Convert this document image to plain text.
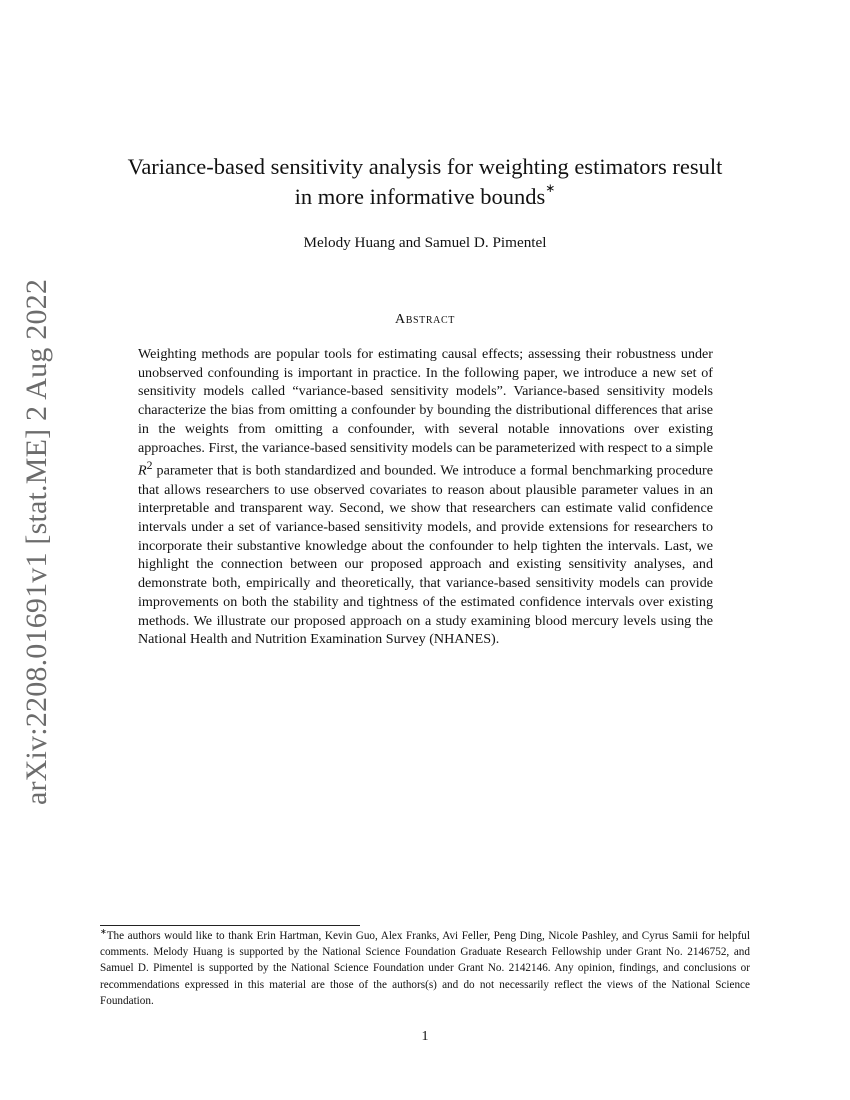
arXiv:2208.01691v1 [stat.ME] 2 Aug 2022
Variance-based sensitivity analysis for weighting estimators result
in more informative bounds∗
Melody Huang and Samuel D. Pimentel
Abstract

Weighting methods are popular tools for estimating causal effects; assessing their robustness under unobserved confounding is important in practice. In the following paper, we introduce a new set of sensitivity models called “variance-based sensitivity models”. Variance-based sensitivity models characterize the bias from omitting a confounder by bounding the distributional differences that arise in the weights from omitting a confounder, with several notable innovations over existing approaches. First, the variance-based sensitivity models can be parameterized with respect to a simple $R^2$ parameter that is both standardized and bounded. We introduce a formal benchmarking procedure that allows researchers to use observed covariates to reason about plausible parameter values in an interpretable and transparent way. Second, we show that researchers can estimate valid confidence intervals under a set of variance-based sensitivity models, and provide extensions for researchers to incorporate their substantive knowledge about the confounder to help tighten the intervals. Last, we highlight the connection between our proposed approach and existing sensitivity analyses, and demonstrate both, empirically and theoretically, that variance-based sensitivity models can provide improvements on both the stability and tightness of the estimated confidence intervals over existing methods. We illustrate our proposed approach on a study examining blood mercury levels using the National Health and Nutrition Examination Survey (NHANES).

∗The authors would like to thank Erin Hartman, Kevin Guo, Alex Franks, Avi Feller, Peng Ding, Nicole Pashley, and Cyrus Samii for helpful comments. Melody Huang is supported by the National Science Foundation Graduate Research Fellowship under Grant No. 2146752, and Samuel D. Pimentel is supported by the National Science Foundation under Grant No. 2142146. Any opinion, findings, and conclusions or recommendations expressed in this material are those of the authors(s) and do not necessarily reflect the views of the National Science Foundation.
1
